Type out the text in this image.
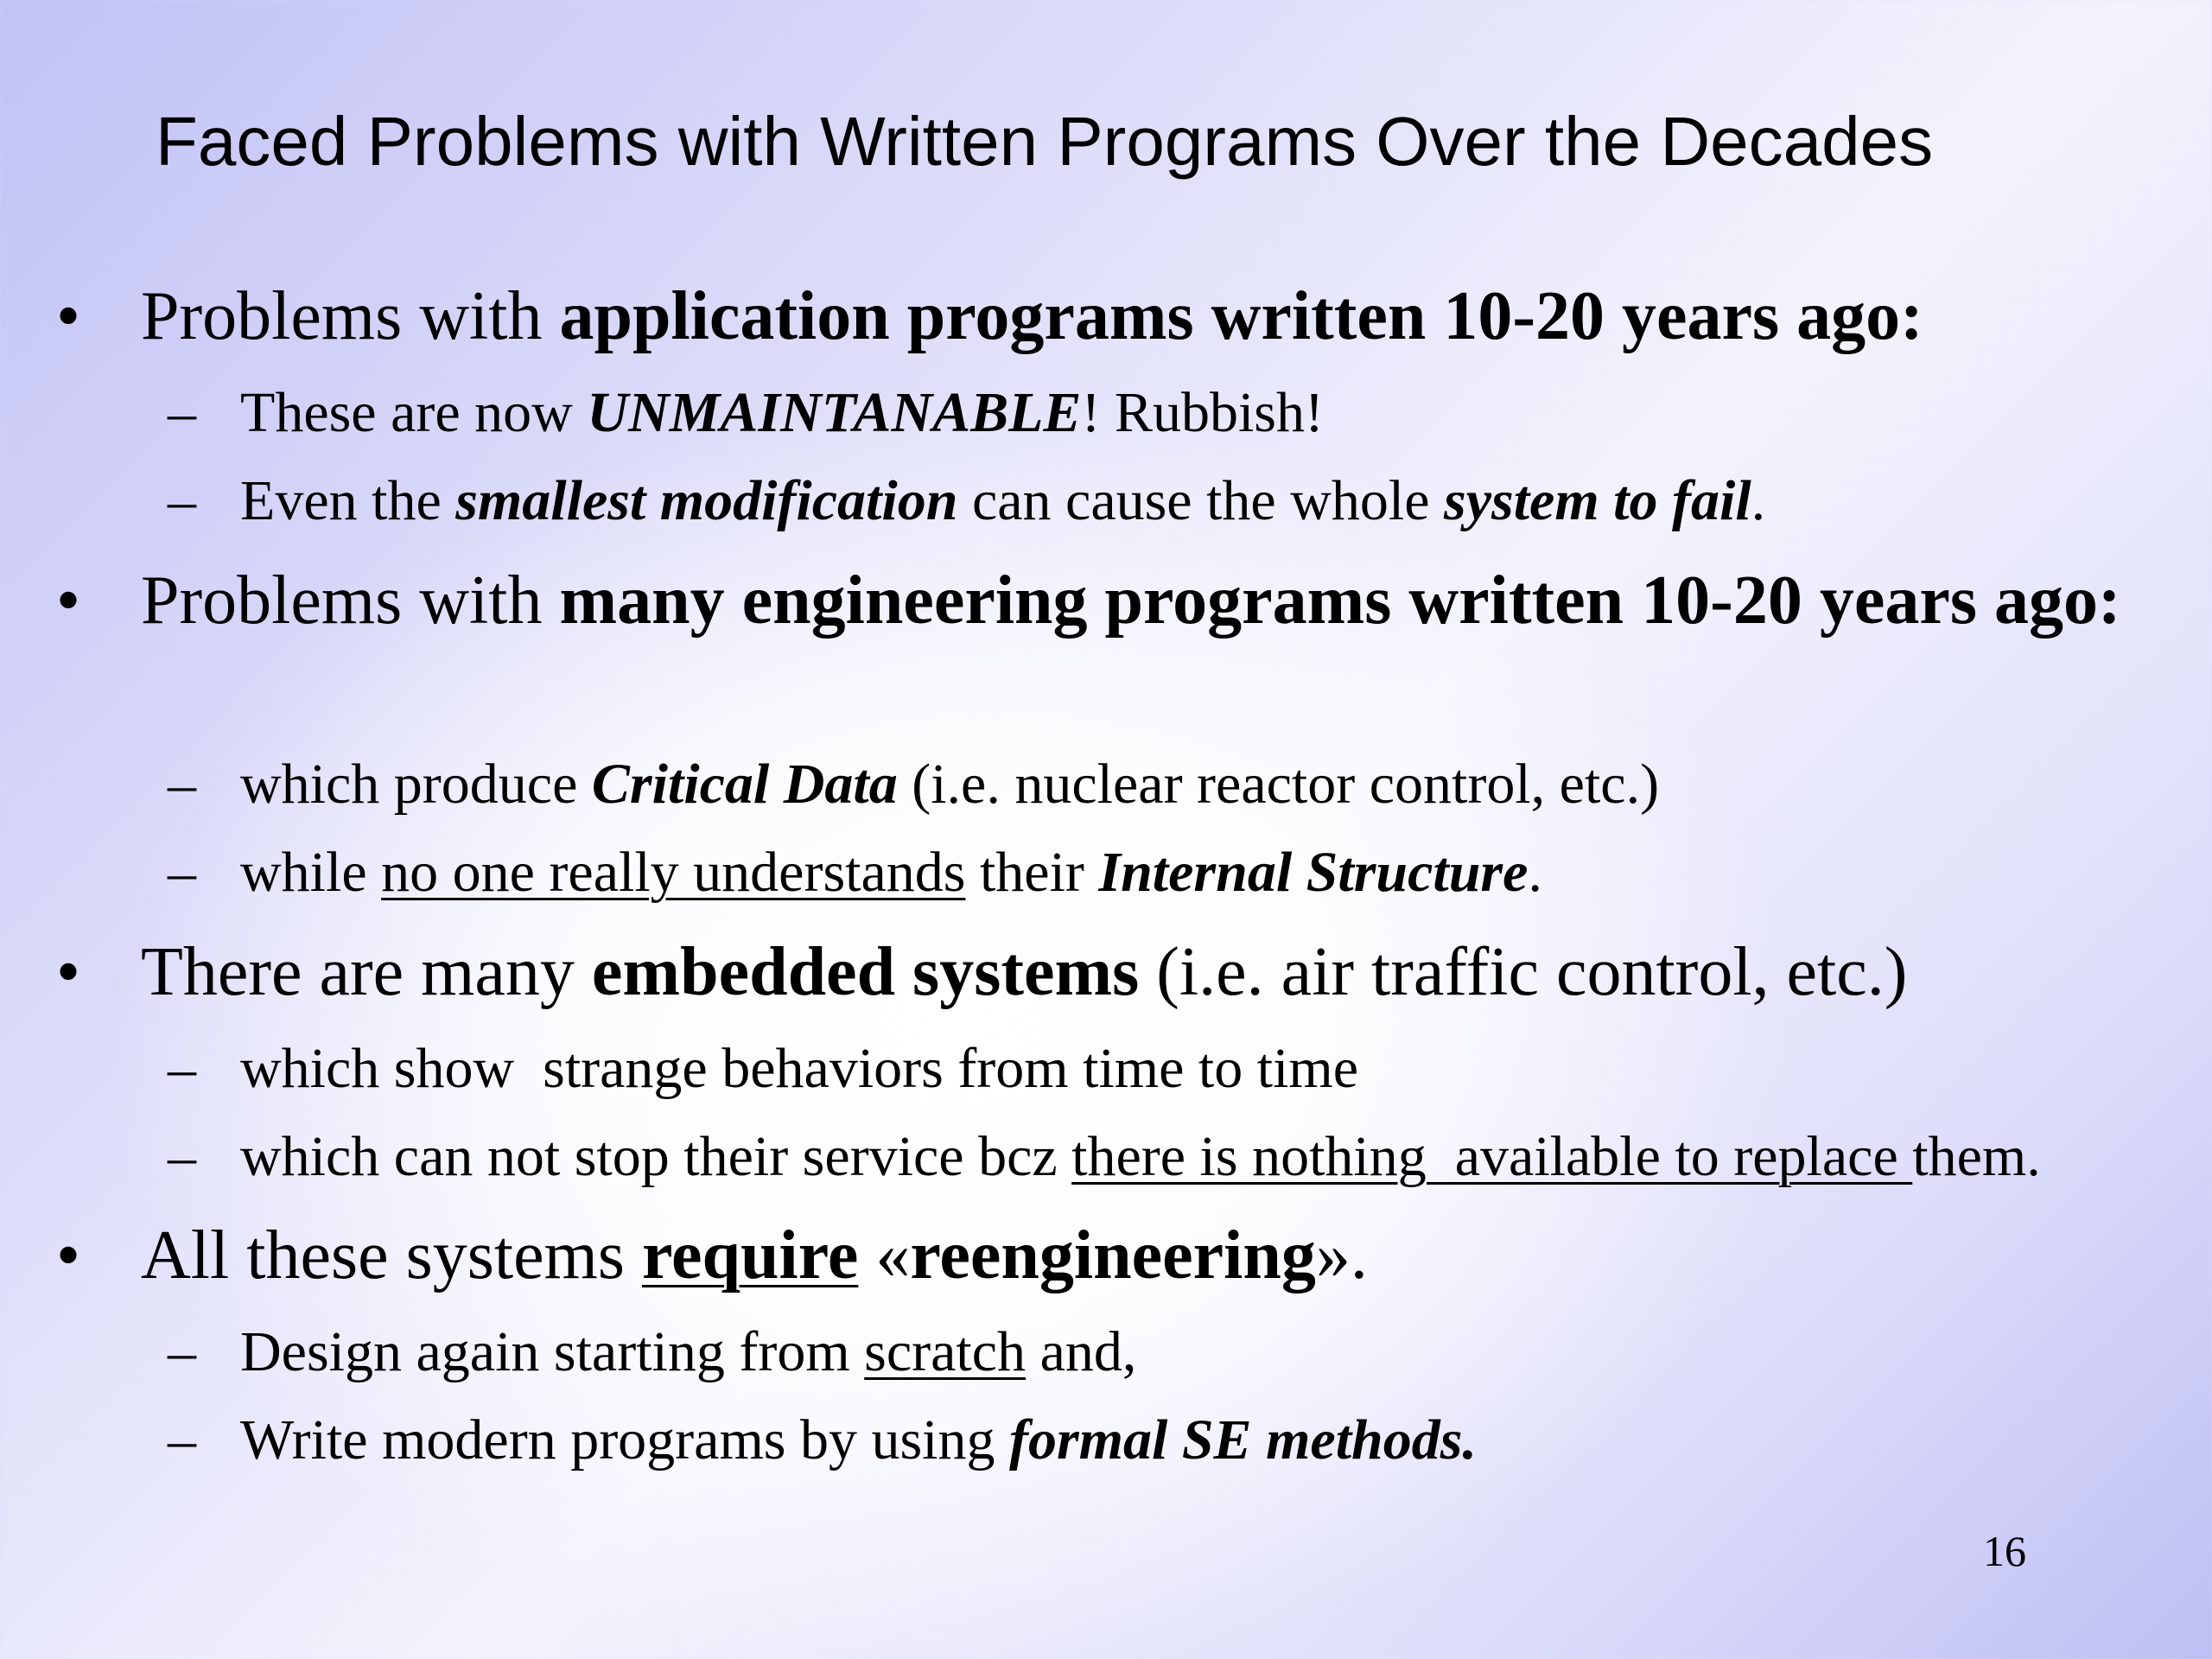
Faced Problems with Written Programs Over the Decades
• Problems with application programs written 10-20 years ago:
– These are now UNMAINTANABLE! Rubbish!
– Even the smallest modification can cause the whole system to fail.
• Problems with many engineering programs written 10-20 years ago:
– which produce Critical Data (i.e. nuclear reactor control, etc.)
– while no one really understands their Internal Structure.
• There are many embedded systems (i.e. air traffic control, etc.)
– which show  strange behaviors from time to time
– which can not stop their service bcz there is nothing  available to replace them.
• All these systems require «reengineering».
– Design again starting from scratch and,
– Write modern programs by using formal SE methods.
16
